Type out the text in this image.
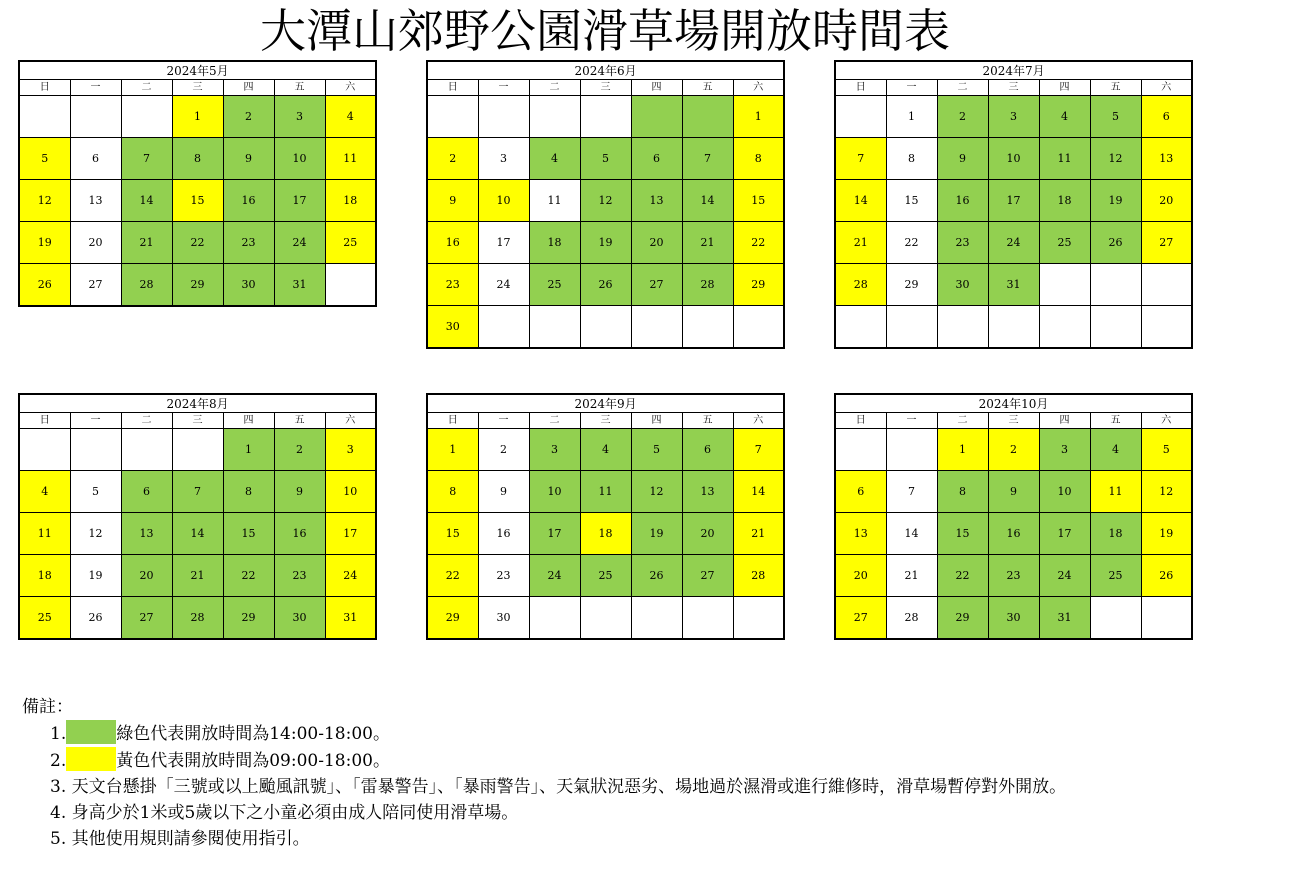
大潭山郊野公園滑草場開放時間表
2024年5月						
日	一	二	三	四	五	六
			1	2	3	4
5	6	7	8	9	10	11
12	13	14	15	16	17	18
19	20	21	22	23	24	25
26	27	28	29	30	31	
2024年6月						
日	一	二	三	四	五	六
						1
2	3	4	5	6	7	8
9	10	11	12	13	14	15
16	17	18	19	20	21	22
23	24	25	26	27	28	29
30						
2024年7月						
日	一	二	三	四	五	六
	1	2	3	4	5	6
7	8	9	10	11	12	13
14	15	16	17	18	19	20
21	22	23	24	25	26	27
28	29	30	31			

2024年8月						
日	一	二	三	四	五	六
				1	2	3
4	5	6	7	8	9	10
11	12	13	14	15	16	17
18	19	20	21	22	23	24
25	26	27	28	29	30	31
2024年9月						
日	一	二	三	四	五	六
1	2	3	4	5	6	7
8	9	10	11	12	13	14
15	16	17	18	19	20	21
22	23	24	25	26	27	28
29	30					
2024年10月						
日	一	二	三	四	五	六
		1	2	3	4	5
6	7	8	9	10	11	12
13	14	15	16	17	18	19
20	21	22	23	24	25	26
27	28	29	30	31		
備註：
1.	綠色代表開放時間為14:00-18:00。
2.	黃色代表開放時間為09:00-18:00。
3. 天文台懸掛「三號或以上颱風訊號」、「雷暴警告」、「暴雨警告」、天氣狀況惡劣、場地過於濕滑或進行維修時，滑草場暫停對外開放。
4. 身高少於1米或5歲以下之小童必須由成人陪同使用滑草場。
5. 其他使用規則請參閱使用指引。
